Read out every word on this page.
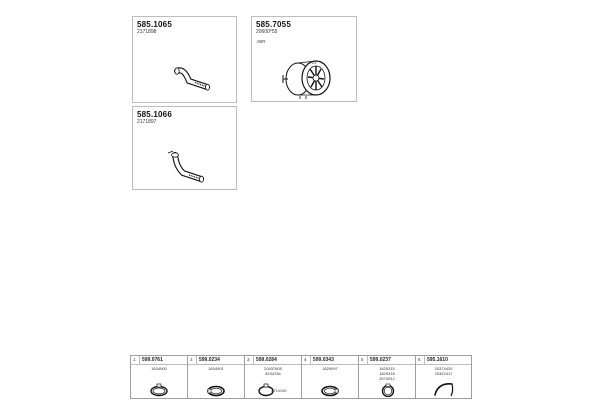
585.1065
2171898
585.7055
20600*55
.90R
2-3
585.1066
2171897
1 599.0761
1834900
2 599.0234
1834901
3 599.0284
20437805
8194784
4714190
4 599.0343
1829097
5 599.0237
1829315
1829316
2074912
6 595.1610
20374420
20392417
